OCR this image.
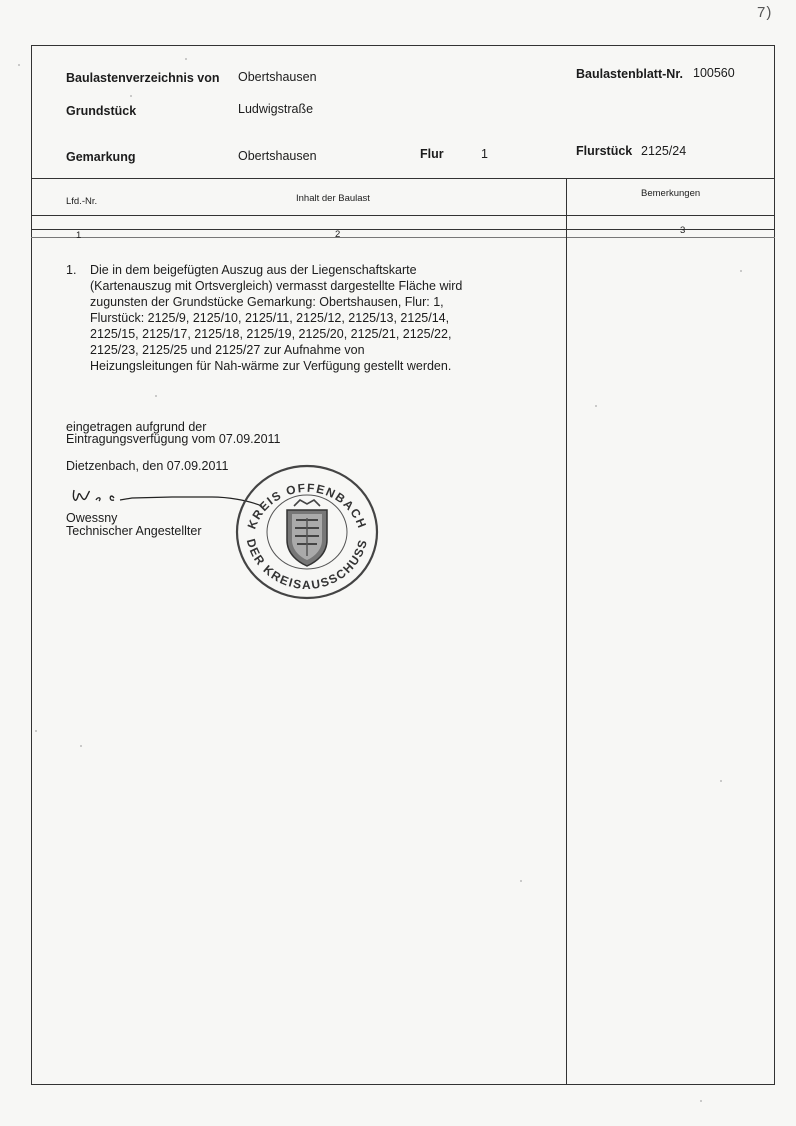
7)
Baulastenverzeichnis von Obertshausen	Baulastenblatt-Nr. 100560
Grundstück	Ludwigstraße
Gemarkung	Obertshausen	Flur	1	Flurstück 2125/24
Lfd.-Nr.	Inhalt der Baulast	Bemerkungen
1	2	3
1. Die in dem beigefügten Auszug aus der Liegenschaftskarte
(Kartenauszug mit Ortsvergleich) vermasst dargestellte Fläche wird
zugunsten der Grundstücke Gemarkung: Obertshausen, Flur: 1,
Flurstück: 2125/9, 2125/10, 2125/11, 2125/12, 2125/13, 2125/14,
2125/15, 2125/17, 2125/18, 2125/19, 2125/20, 2125/21, 2125/22,
2125/23, 2125/25 und 2125/27 zur Aufnahme von
Heizungsleitungen für Nah-wärme zur Verfügung gestellt werden.
eingetragen aufgrund der
Eintragungsverfügung vom 07.09.2011
Dietzenbach, den 07.09.2011
Owessny
Technischer Angestellter	KREIS OFFENBACH
DER KREISAUSSCHUSS
